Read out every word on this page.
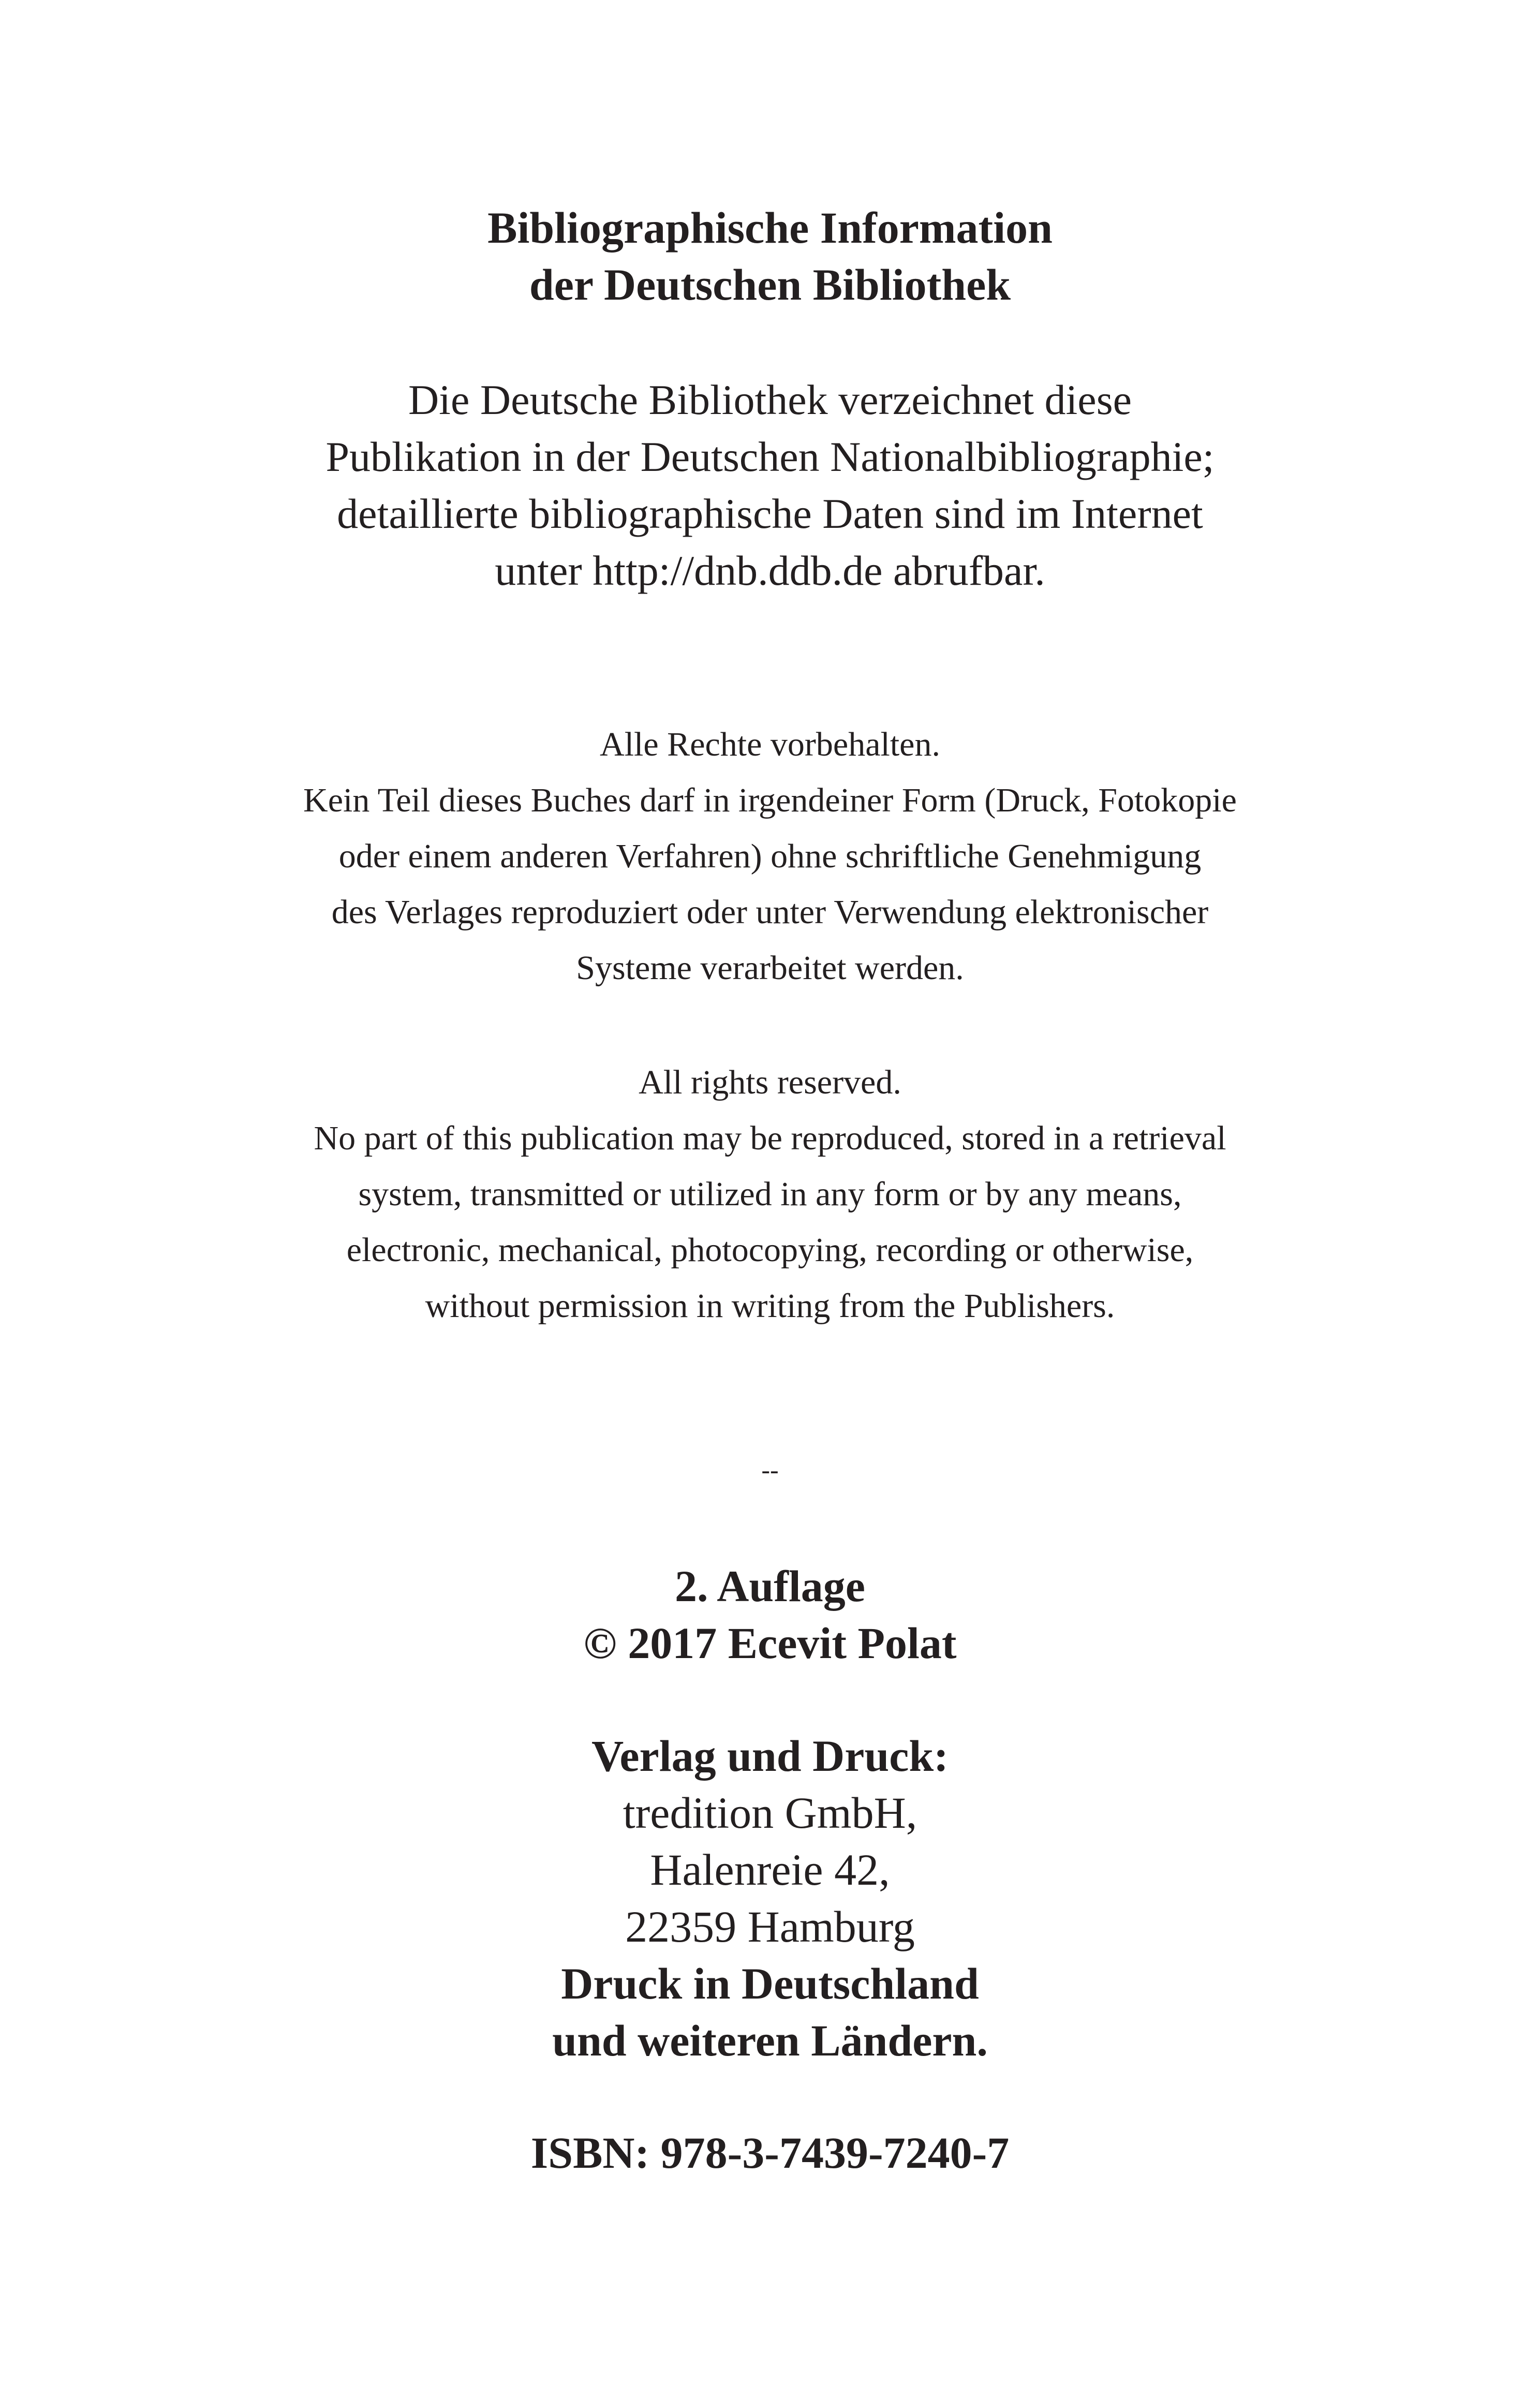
Bibliographische Information
der Deutschen Bibliothek
Die Deutsche Bibliothek verzeichnet diese
Publikation in der Deutschen Nationalbibliographie;
detaillierte bibliographische Daten sind im Internet
unter http://dnb.ddb.de abrufbar.
Alle Rechte vorbehalten.
Kein Teil dieses Buches darf in irgendeiner Form (Druck, Fotokopie
oder einem anderen Verfahren) ohne schriftliche Genehmigung
des Verlages reproduziert oder unter Verwendung elektronischer
Systeme verarbeitet werden.
All rights reserved.
No part of this publication may be reproduced, stored in a retrieval
system, transmitted or utilized in any form or by any means,
electronic, mechanical, photocopying, recording or otherwise,
without permission in writing from the Publishers.
--
2. Auflage
© 2017 Ecevit Polat
Verlag und Druck:
tredition GmbH,
Halenreie 42,
22359 Hamburg
Druck in Deutschland
und weiteren Ländern.
ISBN: 978-3-7439-7240-7
